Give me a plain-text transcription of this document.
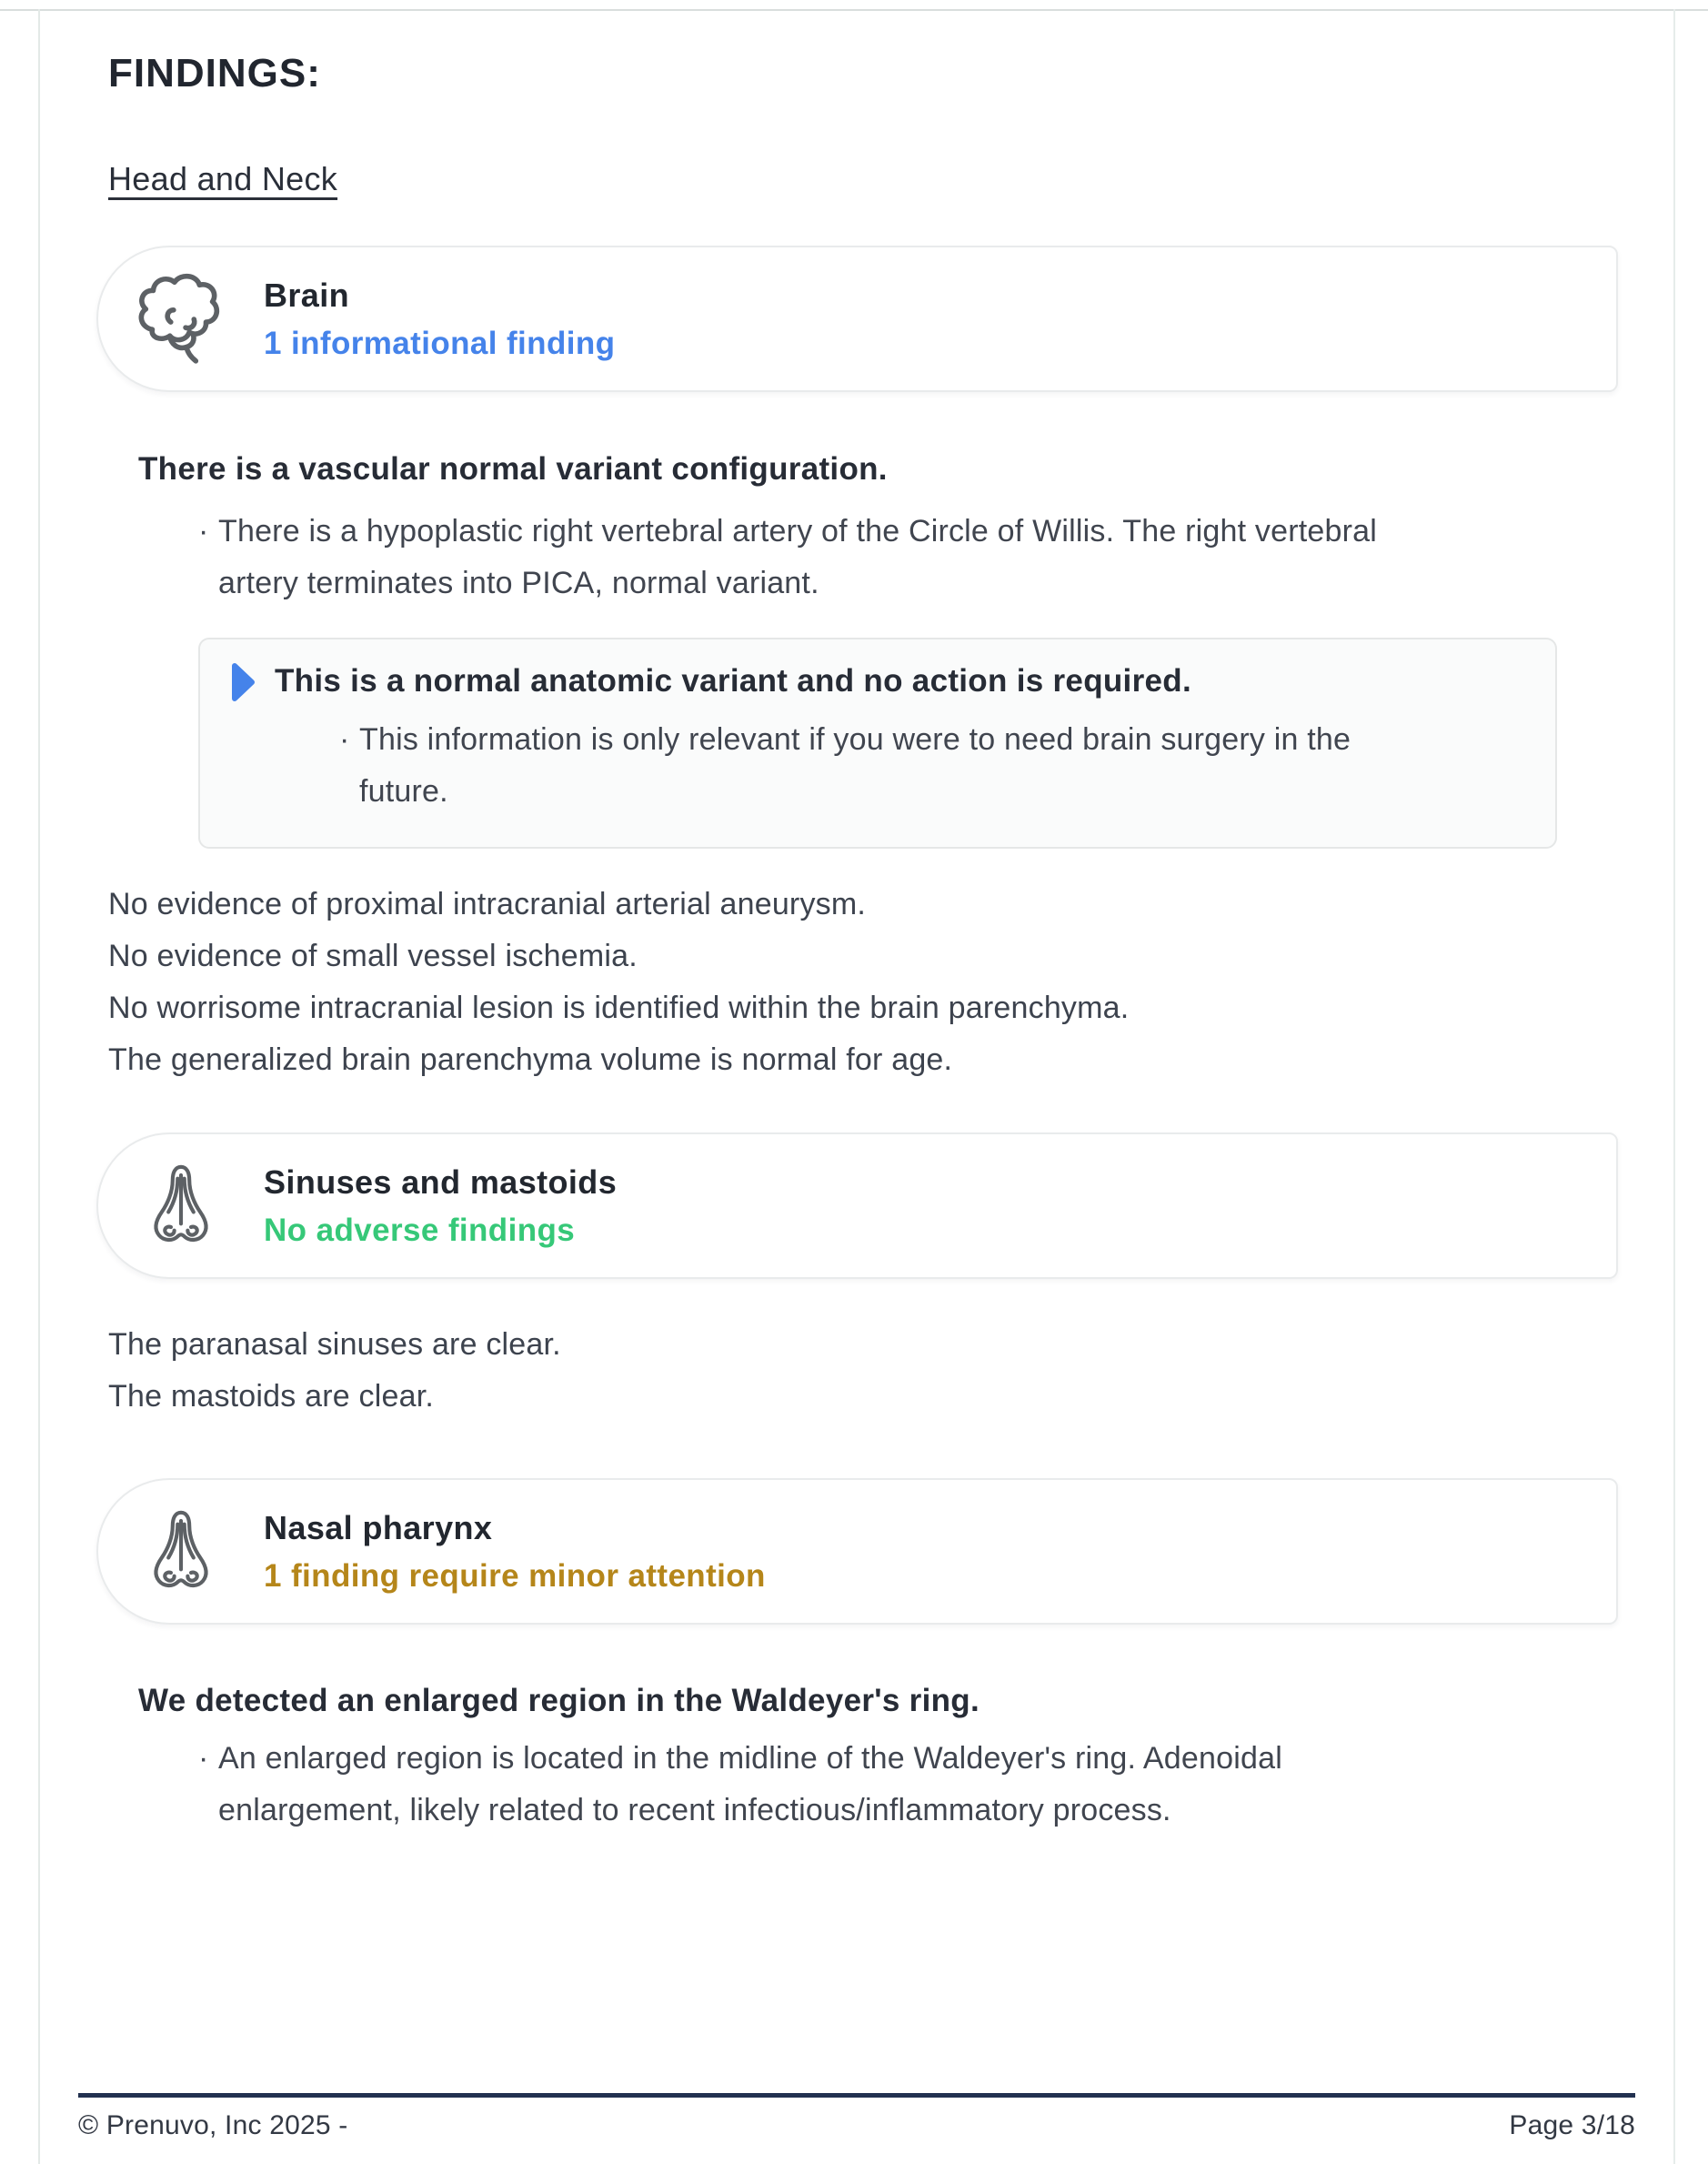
FINDINGS:
Head and Neck
Brain
1 informational finding
There is a vascular normal variant configuration.
· There is a hypoplastic right vertebral artery of the Circle of Willis. The right vertebral
artery terminates into PICA, normal variant.
This is a normal anatomic variant and no action is required.
· This information is only relevant if you were to need brain surgery in the
future.
No evidence of proximal intracranial arterial aneurysm.
No evidence of small vessel ischemia.
No worrisome intracranial lesion is identified within the brain parenchyma.
The generalized brain parenchyma volume is normal for age.
Sinuses and mastoids
No adverse findings
The paranasal sinuses are clear.
The mastoids are clear.
Nasal pharynx
1 finding require minor attention
We detected an enlarged region in the Waldeyer's ring.
· An enlarged region is located in the midline of the Waldeyer's ring. Adenoidal
enlargement, likely related to recent infectious/inflammatory process.
© Prenuvo, Inc 2025 -	Page 3/18
